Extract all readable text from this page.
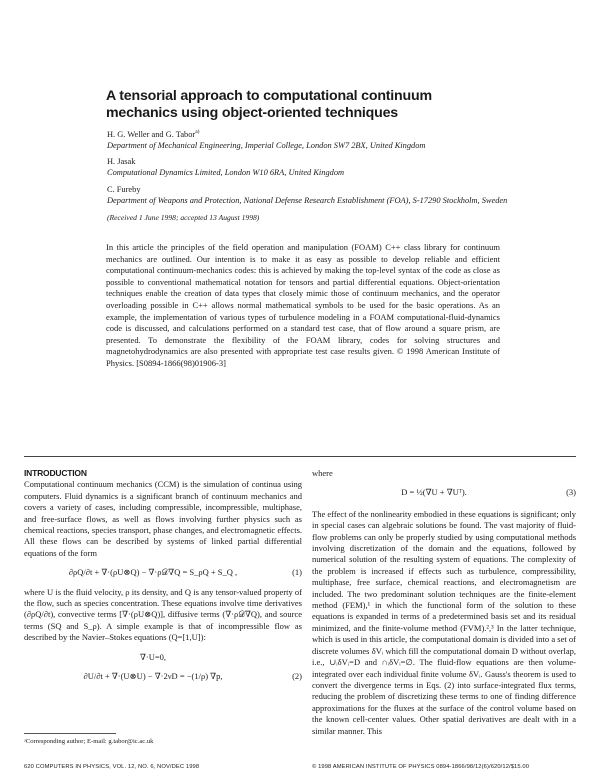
A tensorial approach to computational continuum mechanics using object-oriented techniques

H. G. Weller and G. Tabor$^{a)}$

Department of Mechanical Engineering, Imperial College, London SW7 2BX, United Kingdom

H. Jasak

Computational Dynamics Limited, London W10 6RA, United Kingdom

C. Fureby

Department of Weapons and Protection, National Defense Research Establishment (FOA), S-17290 Stockholm, Sweden

(Received 1 June 1998; accepted 13 August 1998)

In this article the principles of the field operation and manipulation (FOAM) C++ class library for continuum mechanics are outlined. Our intention is to make it as easy as possible to develop reliable and efficient computational continuum-mechanics codes: this is achieved by making the top-level syntax of the code as close as possible to conventional mathematical notation for tensors and partial differential equations. Object-orientation techniques enable the creation of data types that closely mimic those of continuum mechanics, and the operator overloading possible in C++ allows normal mathematical symbols to be used for the basic operations. As an example, the implementation of various types of turbulence modeling in a FOAM computational-fluid-dynamics code is discussed, and calculations performed on a standard test case, that of flow around a square prism, are presented. To demonstrate the flexibility of the FOAM library, codes for solving structures and magnetohydrodynamics are also presented with appropriate test case results given. © 1998 American Institute of Physics. [S0894-1866(98)01906-3]

INTRODUCTION

Computational continuum mechanics (CCM) is the simulation of continua using computers. Fluid dynamics is a significant branch of continuum mechanics and covers a variety of cases, including compressible, incompressible, multiphase, and free-surface flows, as well as flows involving further physics such as chemical reactions, species transport, phase changes, and electromagnetic effects. All these flows can be described by systems of linked partial differential equations of the form

∂ρQ/∂t + ∇·(ρU⊗Q) − ∇·ρ𝒟∇Q = S_ρQ + S_Q ,	(1)

where U is the fluid velocity, ρ its density, and Q is any tensor-valued property of the flow, such as species concentration. These equations involve time derivatives (∂ρQ/∂t), convective terms [∇·(ρU⊗Q)], diffusive terms (∇·ρ𝒟∇Q), and source terms (SQ and S_ρ). A simple example is that of incompressible flow as described by the Navier–Stokes equations (Q=[1,U]):

∇·U=0,
∂U/∂t + ∇·(U⊗U) − ∇·2νD = −(1/ρ) ∇p,	(2)

where

D = ½(∇U + ∇Uᵀ).	(3)

The effect of the nonlinearity embodied in these equations is significant; only in special cases can algebraic solutions be found. The vast majority of fluid-flow problems can only be properly studied by using computational methods involving discretization of the domain and the equations, followed by numerical solution of the resulting system of equations. The complexity of the problem is increased if effects such as turbulence, compressibility, multiphase, free surface, chemical reactions, and electromagnetism are included. The two predominant solution techniques are the finite-element method (FEM),¹ in which the functional form of the solution to these equations is expanded in terms of a predetermined basis set and its residual minimized, and the finite-volume method (FVM).²,³ In the latter technique, which is used in this article, the computational domain is divided into a set of discrete volumes δVᵢ which fill the computational domain D without overlap, i.e., ∪ᵢδVᵢ=D and ∩ᵢδVᵢ=∅. The fluid-flow equations are then volume-integrated over each individual finite volume δVᵢ. Gauss's theorem is used to convert the divergence terms in Eqs. (2) into surface-integrated flux terms, reducing the problem of discretizing these terms to one of finding difference approximations for the fluxes at the surface of the control volume based on the known cell-center values. Other spatial derivatives are dealt with in a similar manner. This

ᵃCorresponding author; E-mail: g.tabor@ic.ac.uk
620 COMPUTERS IN PHYSICS, VOL. 12, NO. 6, NOV/DEC 1998	© 1998 AMERICAN INSTITUTE OF PHYSICS 0894-1866/98/12(6)/620/12/$15.00
